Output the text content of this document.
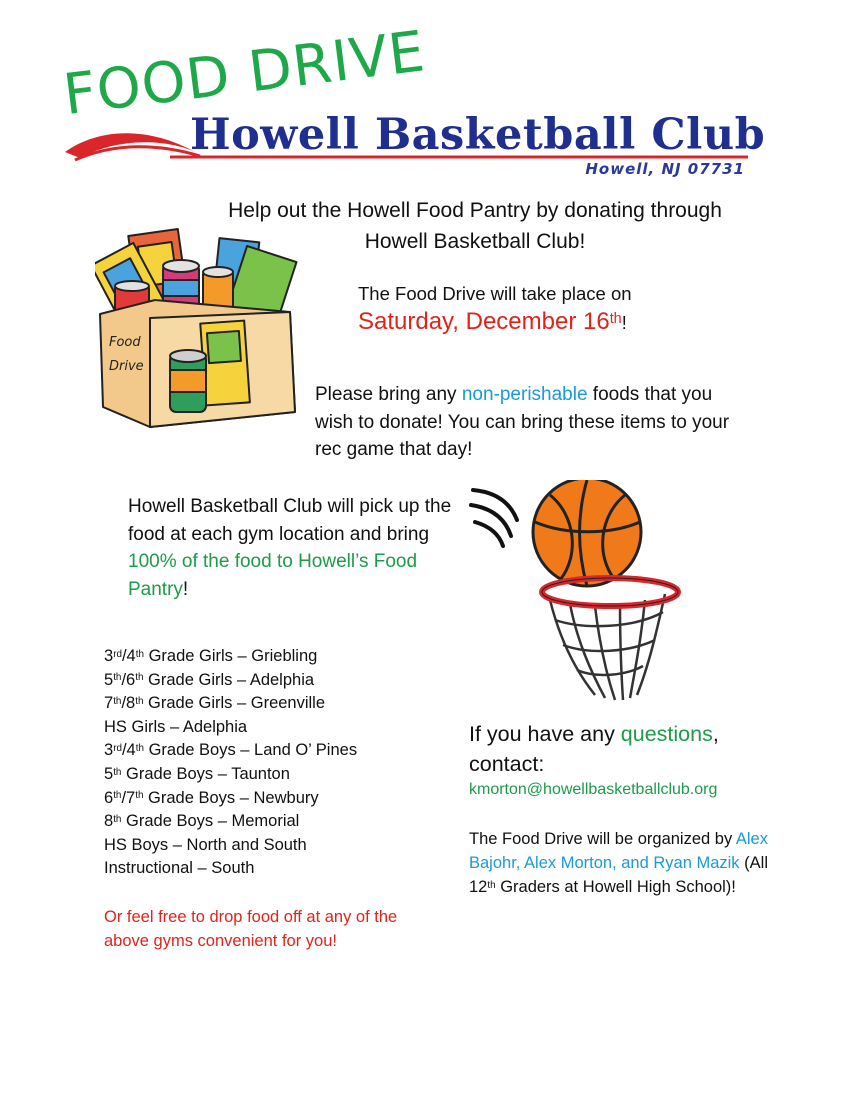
Howell Basketball Club
Howell, NJ 07731
FOOD DRIVE
Help out the Howell Food Pantry by donating through
Howell Basketball Club!
Food
Drive
The Food Drive will take place on
Saturday, December 16th!
Please bring any non-perishable foods that you wish to donate! You can bring these items to your rec game that day!
Howell Basketball Club will pick up the food at each gym location and bring 100% of the food to Howell’s Food Pantry!
3rd/4th Grade Girls – Griebling
5th/6th Grade Girls – Adelphia
7th/8th Grade Girls – Greenville
HS Girls – Adelphia
3rd/4th Grade Boys – Land O’ Pines
5th Grade Boys – Taunton
6th/7th Grade Boys – Newbury
8th Grade Boys – Memorial
HS Boys – North and South
Instructional – South
Or feel free to drop food off at any of the above gyms convenient for you!
If you have any questions,
contact:
kmorton@howellbasketballclub.org
The Food Drive will be organized by Alex Bajohr, Alex Morton, and Ryan Mazik (All 12th Graders at Howell High School)!
